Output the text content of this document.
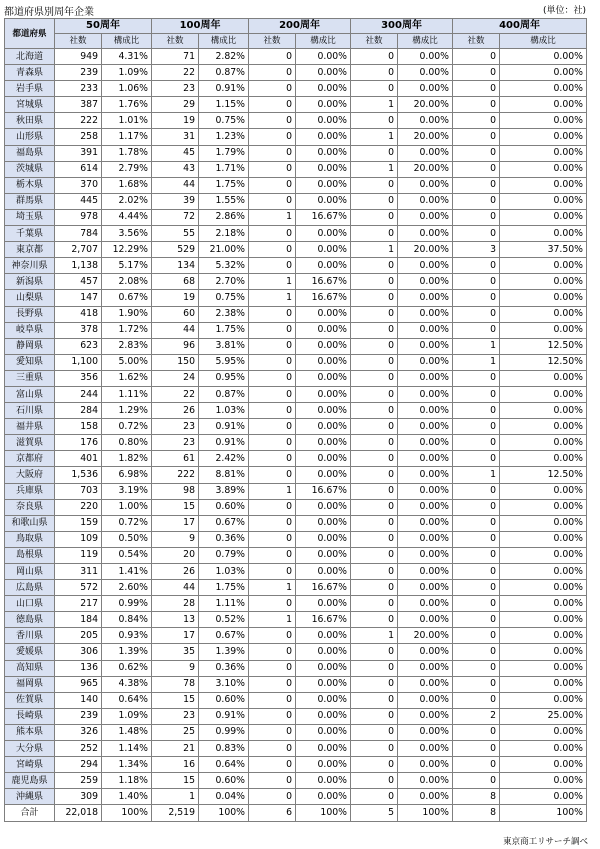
都道府県別周年企業	(単位：社)
都道府県	50周年		100周年		200周年		300周年		400周年	
	社数	構成比	社数	構成比	社数	構成比	社数	構成比	社数	構成比
北海道	949	4.31%	71	2.82%	0	0.00%	0	0.00%	0	0.00%
青森県	239	1.09%	22	0.87%	0	0.00%	0	0.00%	0	0.00%
岩手県	233	1.06%	23	0.91%	0	0.00%	0	0.00%	0	0.00%
宮城県	387	1.76%	29	1.15%	0	0.00%	1	20.00%	0	0.00%
秋田県	222	1.01%	19	0.75%	0	0.00%	0	0.00%	0	0.00%
山形県	258	1.17%	31	1.23%	0	0.00%	1	20.00%	0	0.00%
福島県	391	1.78%	45	1.79%	0	0.00%	0	0.00%	0	0.00%
茨城県	614	2.79%	43	1.71%	0	0.00%	1	20.00%	0	0.00%
栃木県	370	1.68%	44	1.75%	0	0.00%	0	0.00%	0	0.00%
群馬県	445	2.02%	39	1.55%	0	0.00%	0	0.00%	0	0.00%
埼玉県	978	4.44%	72	2.86%	1	16.67%	0	0.00%	0	0.00%
千葉県	784	3.56%	55	2.18%	0	0.00%	0	0.00%	0	0.00%
東京都	2,707	12.29%	529	21.00%	0	0.00%	1	20.00%	3	37.50%
神奈川県	1,138	5.17%	134	5.32%	0	0.00%	0	0.00%	0	0.00%
新潟県	457	2.08%	68	2.70%	1	16.67%	0	0.00%	0	0.00%
山梨県	147	0.67%	19	0.75%	1	16.67%	0	0.00%	0	0.00%
長野県	418	1.90%	60	2.38%	0	0.00%	0	0.00%	0	0.00%
岐阜県	378	1.72%	44	1.75%	0	0.00%	0	0.00%	0	0.00%
静岡県	623	2.83%	96	3.81%	0	0.00%	0	0.00%	1	12.50%
愛知県	1,100	5.00%	150	5.95%	0	0.00%	0	0.00%	1	12.50%
三重県	356	1.62%	24	0.95%	0	0.00%	0	0.00%	0	0.00%
富山県	244	1.11%	22	0.87%	0	0.00%	0	0.00%	0	0.00%
石川県	284	1.29%	26	1.03%	0	0.00%	0	0.00%	0	0.00%
福井県	158	0.72%	23	0.91%	0	0.00%	0	0.00%	0	0.00%
滋賀県	176	0.80%	23	0.91%	0	0.00%	0	0.00%	0	0.00%
京都府	401	1.82%	61	2.42%	0	0.00%	0	0.00%	0	0.00%
大阪府	1,536	6.98%	222	8.81%	0	0.00%	0	0.00%	1	12.50%
兵庫県	703	3.19%	98	3.89%	1	16.67%	0	0.00%	0	0.00%
奈良県	220	1.00%	15	0.60%	0	0.00%	0	0.00%	0	0.00%
和歌山県	159	0.72%	17	0.67%	0	0.00%	0	0.00%	0	0.00%
鳥取県	109	0.50%	9	0.36%	0	0.00%	0	0.00%	0	0.00%
島根県	119	0.54%	20	0.79%	0	0.00%	0	0.00%	0	0.00%
岡山県	311	1.41%	26	1.03%	0	0.00%	0	0.00%	0	0.00%
広島県	572	2.60%	44	1.75%	1	16.67%	0	0.00%	0	0.00%
山口県	217	0.99%	28	1.11%	0	0.00%	0	0.00%	0	0.00%
徳島県	184	0.84%	13	0.52%	1	16.67%	0	0.00%	0	0.00%
香川県	205	0.93%	17	0.67%	0	0.00%	1	20.00%	0	0.00%
愛媛県	306	1.39%	35	1.39%	0	0.00%	0	0.00%	0	0.00%
高知県	136	0.62%	9	0.36%	0	0.00%	0	0.00%	0	0.00%
福岡県	965	4.38%	78	3.10%	0	0.00%	0	0.00%	0	0.00%
佐賀県	140	0.64%	15	0.60%	0	0.00%	0	0.00%	0	0.00%
長崎県	239	1.09%	23	0.91%	0	0.00%	0	0.00%	2	25.00%
熊本県	326	1.48%	25	0.99%	0	0.00%	0	0.00%	0	0.00%
大分県	252	1.14%	21	0.83%	0	0.00%	0	0.00%	0	0.00%
宮崎県	294	1.34%	16	0.64%	0	0.00%	0	0.00%	0	0.00%
鹿児島県	259	1.18%	15	0.60%	0	0.00%	0	0.00%	0	0.00%
沖縄県	309	1.40%	1	0.04%	0	0.00%	0	0.00%	8	0.00%
合計	22,018	100%	2,519	100%	6	100%	5	100%	8	100%
東京商工リサーチ調べ
